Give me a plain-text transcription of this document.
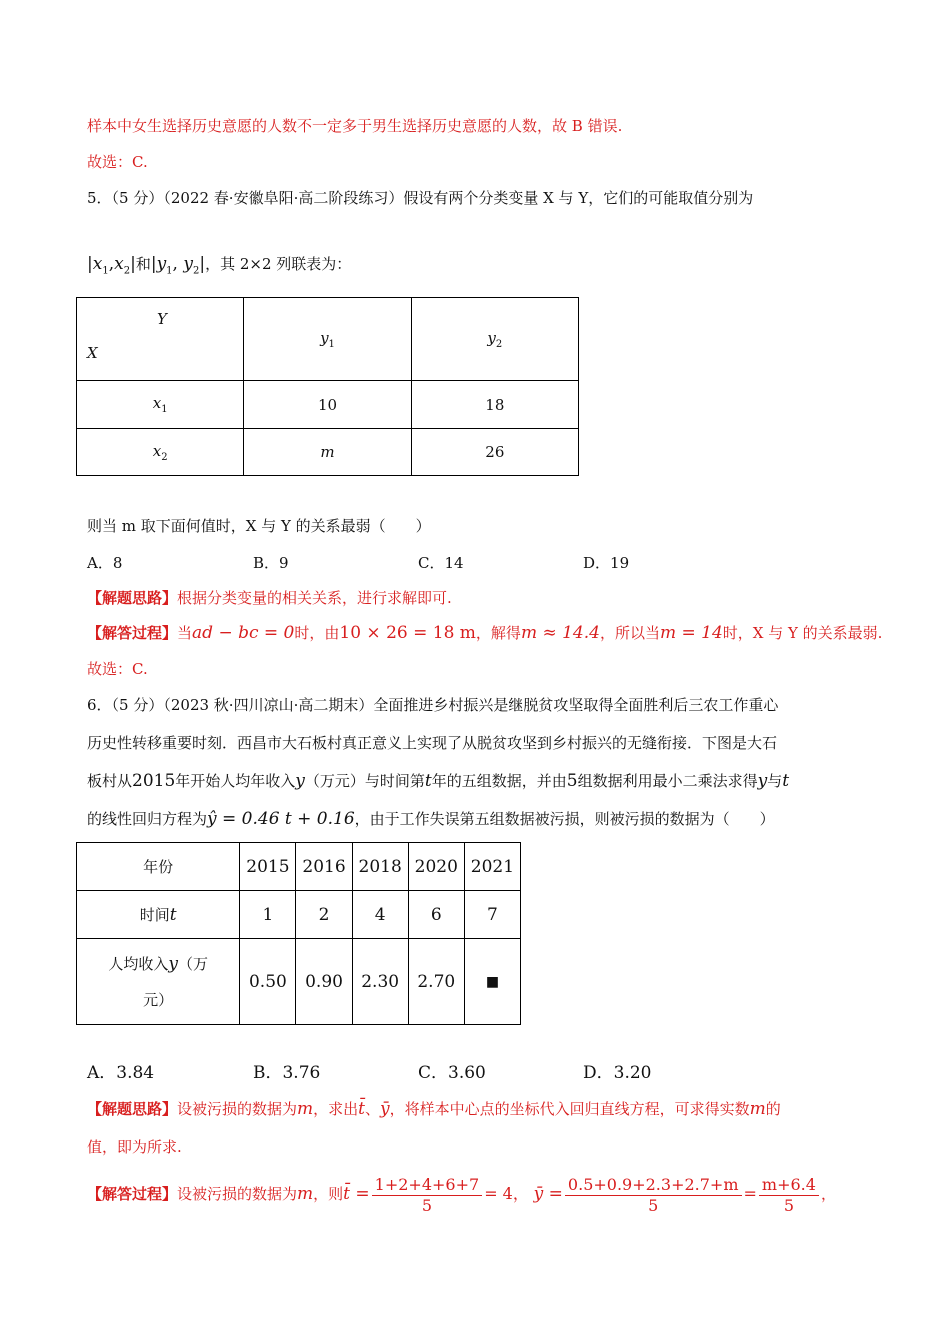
样本中女生选择历史意愿的人数不一定多于男生选择历史意愿的人数，故 B 错误.
故选：C.
5．（5 分）（2022 春·安徽阜阳·高二阶段练习）假设有两个分类变量 X 与 Y，它们的可能取值分别为
$|x_1,x_2|$和$|y_1$, $y_2|$，其 2×2 列联表为：
Y
X	$y_1$	$y_2$
$x_1$	10	18
$x_2$	m	26
则当 m 取下面何值时，X 与 Y 的关系最弱（　　）
A．8	B．9	C．14	D．19
【解题思路】根据分类变量的相关关系，进行求解即可.
【解答过程】当ad − bc = 0时，由10 × 26 = 18 m，解得m ≈ 14.4，所以当m = 14时，X 与 Y 的关系最弱.
故选：C.
6．（5 分）（2023 秋·四川凉山·高二期末）全面推进乡村振兴是继脱贫攻坚取得全面胜利后三农工作重心
历史性转移重要时刻．西昌市大石板村真正意义上实现了从脱贫攻坚到乡村振兴的无缝衔接．下图是大石
板村从2015年开始人均年收入y（万元）与时间第t年的五组数据，并由5组数据利用最小二乘法求得y与t
的线性回归方程为ŷ = 0.46 t + 0.16，由于工作失误第五组数据被污损，则被污损的数据为（　　）
年份	2015	2016	2018	2020	2021
时间t	1	2	4	6	7
人均收入y（万
元）	0.50	0.90	2.30	2.70	■
A．3.84	B．3.76	C．3.60	D．3.20
【解题思路】设被污损的数据为m，求出t̄、ȳ，将样本中心点的坐标代入回归直线方程，可求得实数m的
值，即为所求.
【解答过程】设被污损的数据为m，则t̄ = $\frac{1+2+4+6+7}{5} = 4$， ȳ = $\frac{0.5+0.9+2.3+2.7+m}{5} = \frac{m+6.4}{5}$ ，
